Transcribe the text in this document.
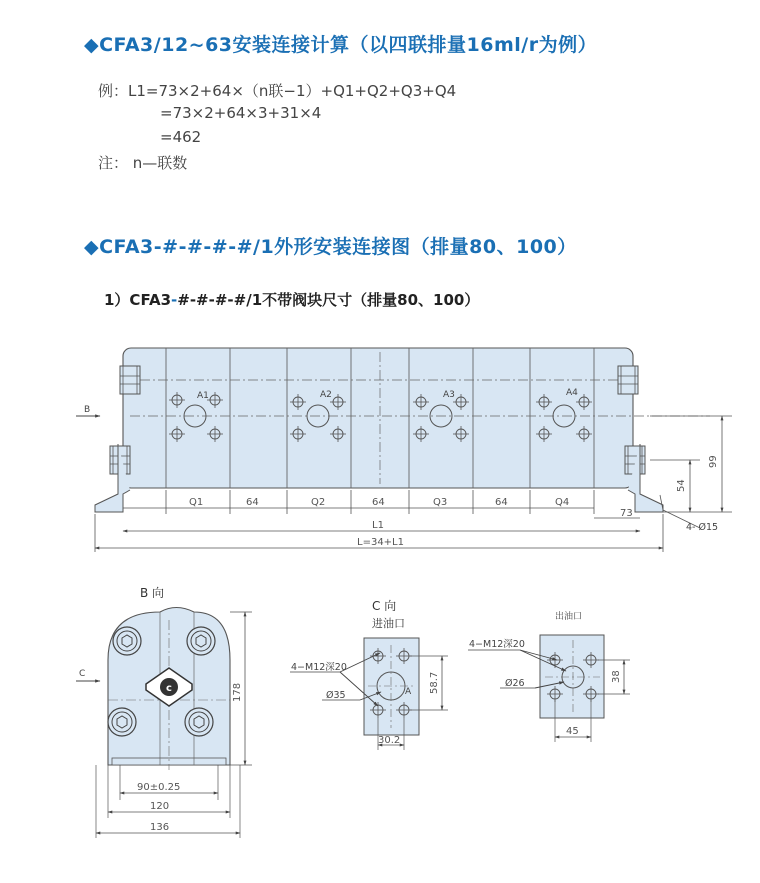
◆CFA3/12~63安装连接计算（以四联排量16ml/r为例）
例：L1=73×2+64×（n联−1）+Q1+Q2+Q3+Q4
=73×2+64×3+31×4
=462
注： n—联数
◆CFA3-#-#-#-#/1外形安装连接图（排量80、100）
1）CFA3-#-#-#-#/1不带阀块尺寸（排量80、100）
A1	A2	A3	A4
B
Q1	64	Q2	64	Q3	64	Q4
73
L1
L=34+L1
4- Ø15
99
54
B 向
c
C
178
90±0.25
120
136
C 向
进油口
4−M12深20
Ø35	A 58.7
30.2
出油口
4−M12深20
Ø26
38
45
